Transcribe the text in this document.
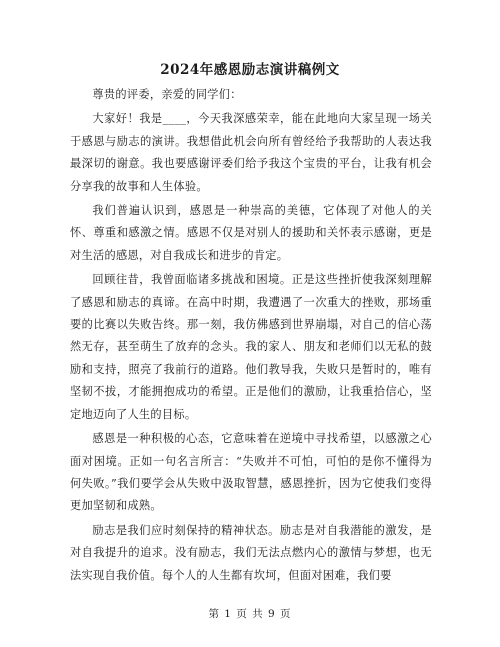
2024年感恩励志演讲稿例文

尊贵的评委，亲爱的同学们：

大家好！我是____，今天我深感荣幸，能在此地向大家呈现一场关于感恩与励志的演讲。我想借此机会向所有曾经给予我帮助的人表达我最深切的谢意。我也要感谢评委们给予我这个宝贵的平台，让我有机会分享我的故事和人生体验。

我们普遍认识到，感恩是一种崇高的美德，它体现了对他人的关怀、尊重和感激之情。感恩不仅是对别人的援助和关怀表示感谢，更是对生活的感恩，对自我成长和进步的肯定。

回顾往昔，我曾面临诸多挑战和困境。正是这些挫折使我深刻理解了感恩和励志的真谛。在高中时期，我遭遇了一次重大的挫败，那场重要的比赛以失败告终。那一刻，我仿佛感到世界崩塌，对自己的信心荡然无存，甚至萌生了放弃的念头。我的家人、朋友和老师们以无私的鼓励和支持，照亮了我前行的道路。他们教导我，失败只是暂时的，唯有坚韧不拔，才能拥抱成功的希望。正是他们的激励，让我重拾信心，坚定地迈向了人生的目标。

感恩是一种积极的心态，它意味着在逆境中寻找希望，以感激之心面对困境。正如一句名言所言：“失败并不可怕，可怕的是你不懂得为何失败。”我们要学会从失败中汲取智慧，感恩挫折，因为它使我们变得更加坚韧和成熟。

励志是我们应时刻保持的精神状态。励志是对自我潜能的激发，是对自我提升的追求。没有励志，我们无法点燃内心的激情与梦想，也无法实现自我价值。每个人的人生都有坎坷，但面对困难，我们要

第 1 页 共 9 页
